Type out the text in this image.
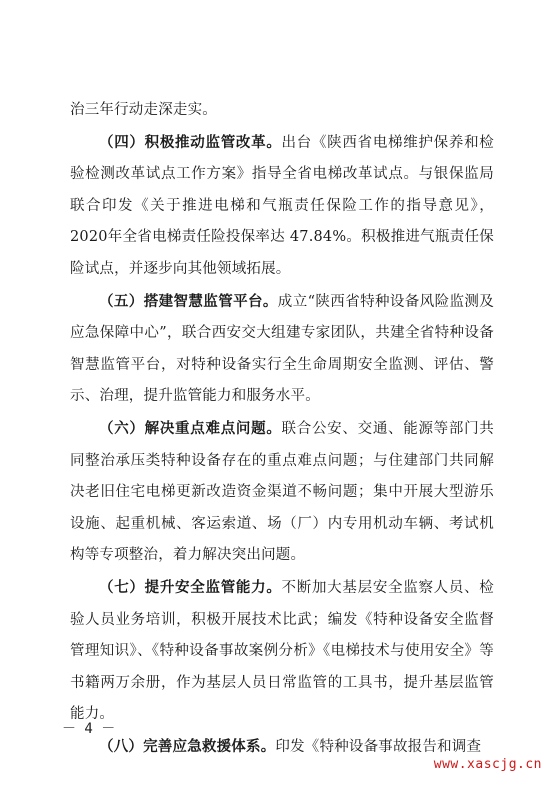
治三年行动走深走实。

（四）积极推动监管改革。出台《陕西省电梯维护保养和检验检测改革试点工作方案》指导全省电梯改革试点。与银保监局联合印发《关于推进电梯和气瓶责任保险工作的指导意见》，2020年全省电梯责任险投保率达 47.84%。积极推进气瓶责任保险试点，并逐步向其他领域拓展。

（五）搭建智慧监管平台。成立“陕西省特种设备风险监测及应急保障中心”，联合西安交大组建专家团队，共建全省特种设备智慧监管平台，对特种设备实行全生命周期安全监测、评估、警示、治理，提升监管能力和服务水平。

（六）解决重点难点问题。联合公安、交通、能源等部门共同整治承压类特种设备存在的重点难点问题；与住建部门共同解决老旧住宅电梯更新改造资金渠道不畅问题；集中开展大型游乐设施、起重机械、客运索道、场（厂）内专用机动车辆、考试机构等专项整治，着力解决突出问题。

（七）提升安全监管能力。不断加大基层安全监察人员、检验人员业务培训，积极开展技术比武；编发《特种设备安全监督管理知识》、《特种设备事故案例分析》《电梯技术与使用安全》等书籍两万余册，作为基层人员日常监管的工具书，提升基层监管能力。

（八）完善应急救援体系。印发《特种设备事故报告和调查

－ 4 －
www.xascjg.cn
